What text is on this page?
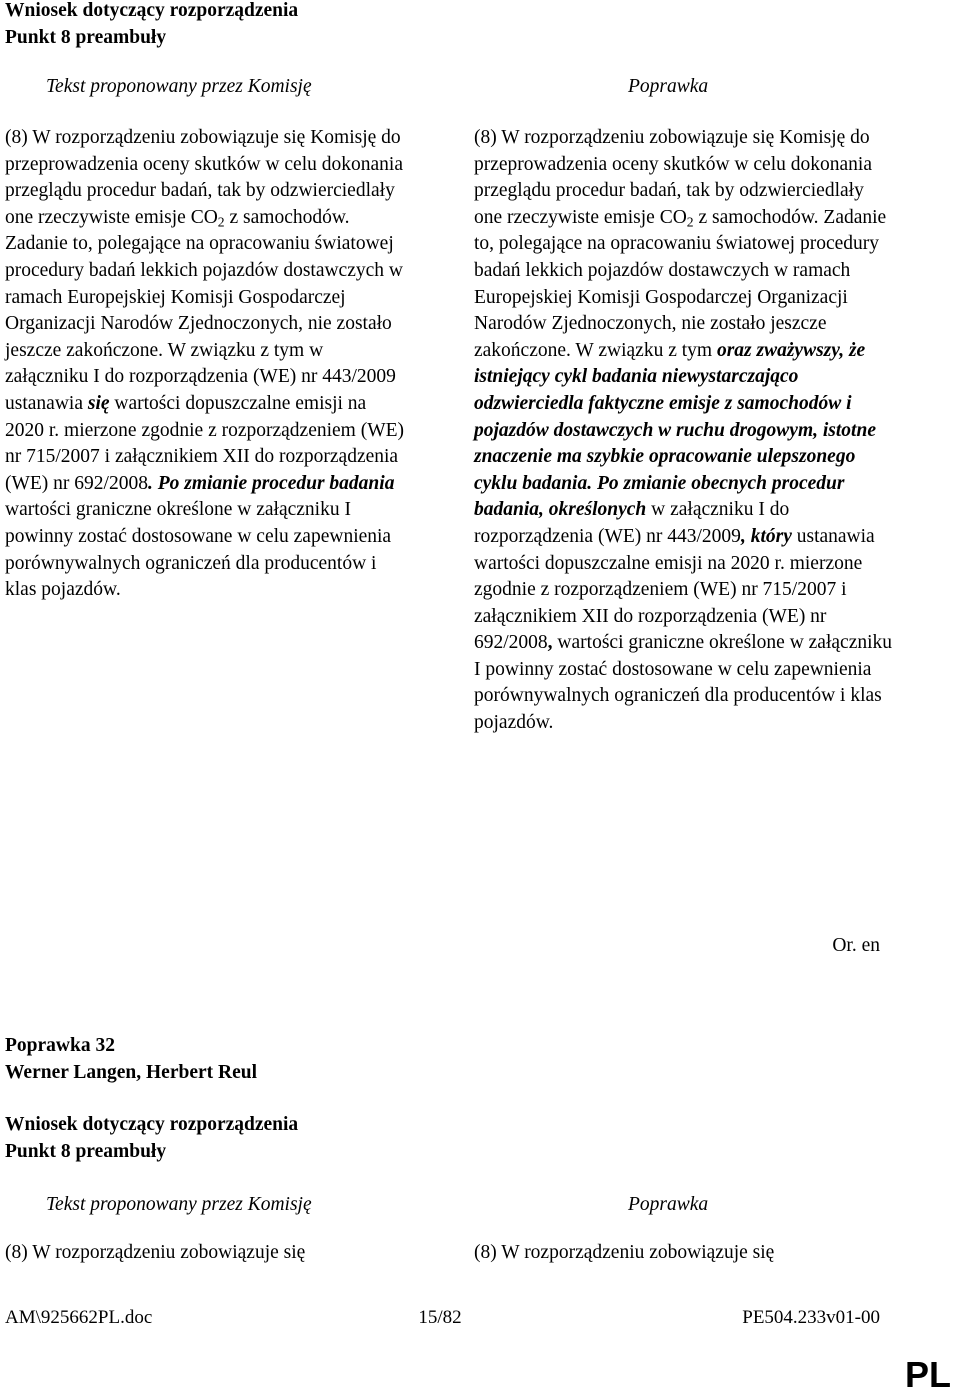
Wniosek dotyczący rozporządzenia
Punkt 8 preambuły
Tekst proponowany przez Komisję	Poprawka

(8) W rozporządzeniu zobowiązuje się Komisję do przeprowadzenia oceny skutków w celu dokonania przeglądu procedur badań, tak by odzwierciedlały one rzeczywiste emisje $CO_2$ z samochodów. Zadanie to, polegające na opracowaniu światowej procedury badań lekkich pojazdów dostawczych w ramach Europejskiej Komisji Gospodarczej Organizacji Narodów Zjednoczonych, nie zostało jeszcze zakończone. W związku z tym w załączniku I do rozporządzenia (WE) nr 443/2009 ustanawia się wartości dopuszczalne emisji na 2020 r. mierzone zgodnie z rozporządzeniem (WE) nr 715/2007 i załącznikiem XII do rozporządzenia (WE) nr 692/2008. Po zmianie procedur badania wartości graniczne określone w załączniku I powinny zostać dostosowane w celu zapewnienia porównywalnych ograniczeń dla producentów i klas pojazdów.

(8) W rozporządzeniu zobowiązuje się Komisję do przeprowadzenia oceny skutków w celu dokonania przeglądu procedur badań, tak by odzwierciedlały one rzeczywiste emisje $CO_2$ z samochodów. Zadanie to, polegające na opracowaniu światowej procedury badań lekkich pojazdów dostawczych w ramach Europejskiej Komisji Gospodarczej Organizacji Narodów Zjednoczonych, nie zostało jeszcze zakończone. W związku z tym oraz zważywszy, że istniejący cykl badania niewystarczająco odzwierciedla faktyczne emisje z samochodów i pojazdów dostawczych w ruchu drogowym, istotne znaczenie ma szybkie opracowanie ulepszonego cyklu badania. Po zmianie obecnych procedur badania, określonych w załączniku I do rozporządzenia (WE) nr 443/2009, który ustanawia wartości dopuszczalne emisji na 2020 r. mierzone zgodnie z rozporządzeniem (WE) nr 715/2007 i załącznikiem XII do rozporządzenia (WE) nr 692/2008, wartości graniczne określone w załączniku I powinny zostać dostosowane w celu zapewnienia porównywalnych ograniczeń dla producentów i klas pojazdów.

Or. en
Poprawka 32
Werner Langen, Herbert Reul
Wniosek dotyczący rozporządzenia
Punkt 8 preambuły
Tekst proponowany przez Komisję	Poprawka
(8) W rozporządzeniu zobowiązuje się	(8) W rozporządzeniu zobowiązuje się
AM\925662PL.doc	15/82	PE504.233v01-00
PL
